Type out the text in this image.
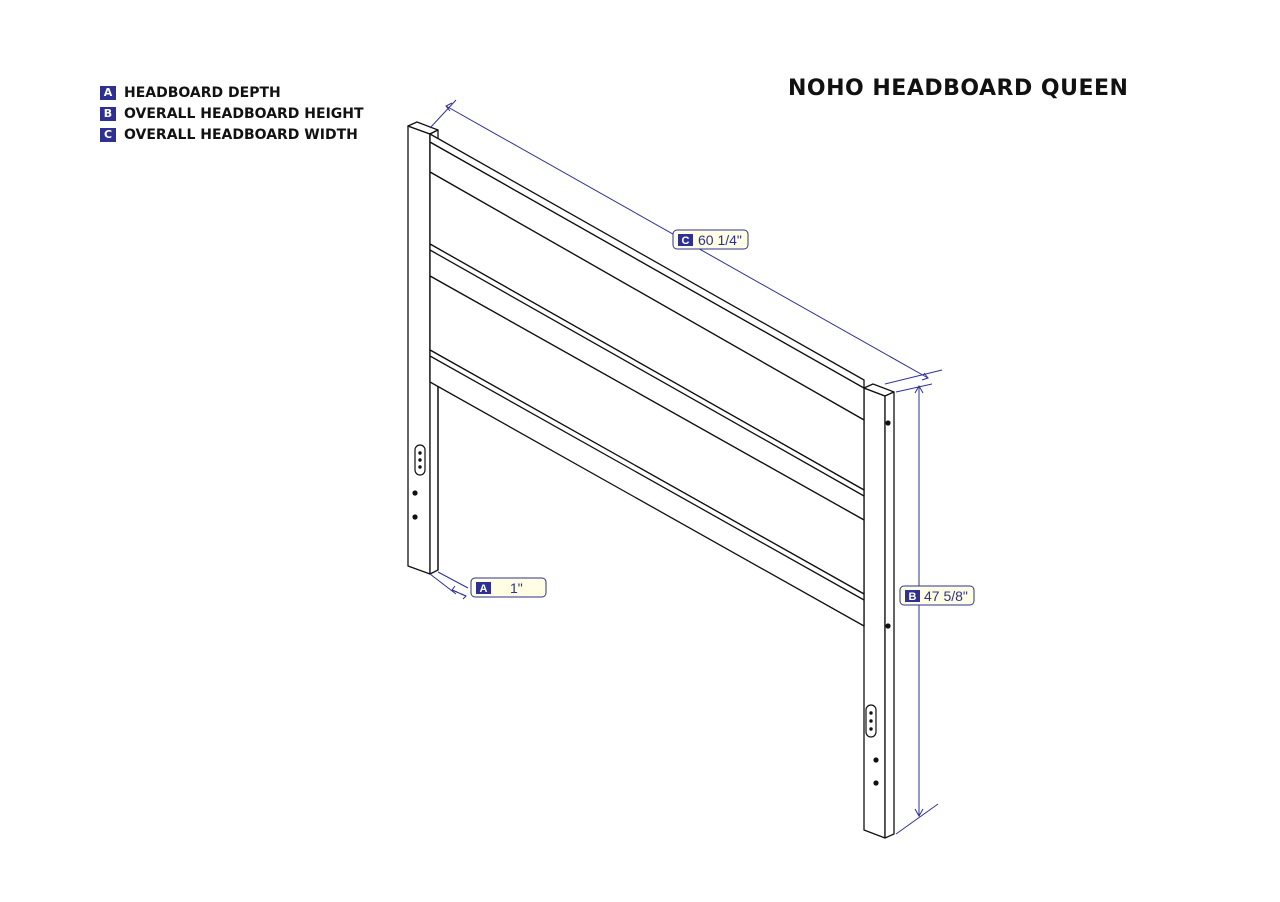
NOHO HEADBOARD QUEEN
A HEADBOARD DEPTH
B OVERALL HEADBOARD HEIGHT
C OVERALL HEADBOARD WIDTH
C 60 1/4"
B 47 5/8"
A 1"
